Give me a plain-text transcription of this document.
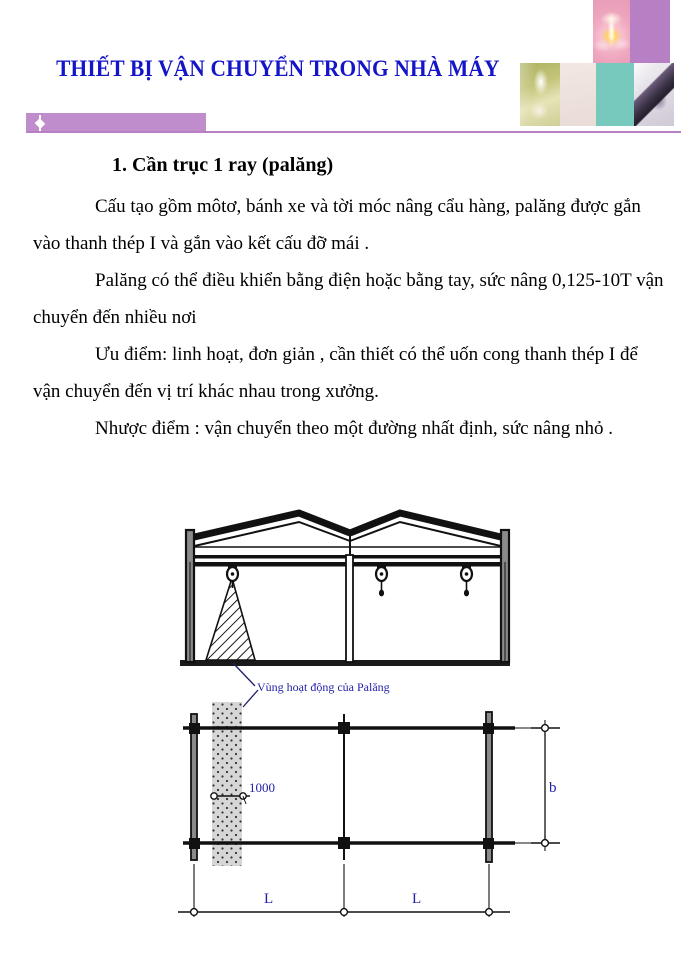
THIẾT BỊ VẬN CHUYỂN TRONG NHÀ MÁY
1. Cần trục 1 ray (palăng)

Cấu tạo gồm môtơ, bánh xe và tời móc nâng cẩu hàng, palăng được gắn vào thanh thép I và gắn vào kết cấu đỡ mái .

Palăng có thể điều khiển bằng điện hoặc bằng tay, sức nâng 0,125-10T vận chuyển đến nhiều nơi

Ưu điểm: linh hoạt, đơn giản , cần thiết có thể uốn cong thanh thép I để vận chuyển đến vị trí khác nhau trong xưởng.

Nhược điểm : vận chuyển theo một đường nhất định, sức nâng nhỏ .

Vùng hoạt động của Palăng
1000	b
L	L
